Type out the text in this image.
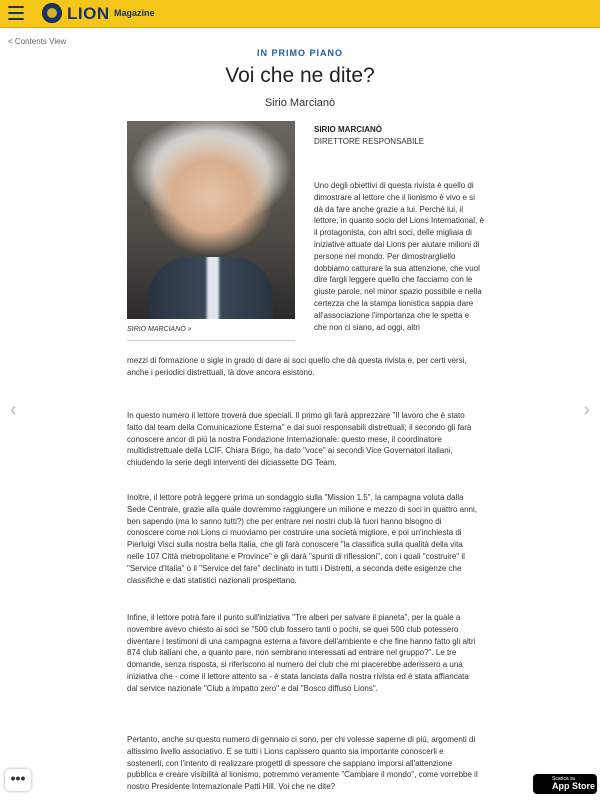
LION Magazine
< Contents View
‹	›
IN PRIMO PIANO
Voi che ne dite?
Sirio Marcianò
SIRIO MARCIANÒ »
SIRIO MARCIANÒ
DIRETTORE RESPONSABILE
Uno degli obiettivi di questa rivista è quello di dimostrare al lettore che il lionismo è vivo e si dà da fare anche grazie a lui. Perché lui, il lettore, in quanto socio del Lions International, è il protagonista, con altri soci, delle migliaia di iniziative attuate dai Lions per aiutare milioni di persone nel mondo. Per dimostrargliello dobbiamo catturare la sua attenzione, che vuol dire fargli leggere quello che facciamo con le giuste parole, nel minor spazio possibile e nella certezza che la stampa lionistica sappia dare all'associazione l'importanza che le spetta e che non ci siano, ad oggi, altri
mezzi di formazione o sigle in grado di dare ai soci quello che dà questa rivista e, per certi versi, anche i periodici distrettuali, là dove ancora esistono.
In questo numero il lettore troverà due speciali. Il primo gli farà apprezzare "Il lavoro che è stato fatto dal team della Comunicazione Esterna" e dai suoi responsabili distrettuali; il secondo gli farà conoscere ancor di più la nostra Fondazione Internazionale: questo mese, il coordinatore multidistrettuale della LCIF, Chiara Brigo, ha dato "voce" ai secondi Vice Governatori italiani, chiudendo la serie degli interventi dei diciassette DG Team.
Inoltre, il lettore potrà leggere prima un sondaggio sulla "Mission 1.5", la campagna voluta dalla Sede Centrale, grazie alla quale dovremmo raggiungere un milione e mezzo di soci in quattro anni, ben sapendo (ma lo sanno tutti?) che per entrare nei nostri club là fuori hanno bisogno di conoscere come noi Lions ci muoviamo per costruire una società migliore, e poi un'inchiesta di Pierluigi Visci sulla nostra bella Italia, che gli farà conoscere "la classifica sulla qualità della vita nelle 107 Città metropolitane e Province" e gli darà "spunti di riflessioni", con i quali "costruire" il "Service d'Italia" o il "Service del fare" declinato in tutti i Distretti, a seconda delle esigenze che classifiche e dati statistici nazionali prospettano.
Infine, il lettore potrà fare il punto sull'iniziativa "Tre alberi per salvare il pianeta", per la quale a novembre avevo chiesto ai soci se "500 club fossero tanti o pochi, se quei 500 club potessero diventare i testimoni di una campagna esterna a favore dell'ambiente e che fine hanno fatto gli altri 874 club italiani che, a quanto pare, non sembrano interessati ad entrare nel gruppo?". Le tre domande, senza risposta, si riferiscono al numero dei club che mi piacerebbe aderissero a una iniziativa che - come il lettore attento sa - è stata lanciata dalla nostra rivista ed è stata affiancata dal service nazionale "Club a impatto zero" e dal "Bosco diffuso Lions".
Pertanto, anche su questo numero di gennaio ci sono, per chi volesse saperne di più, argomenti di altissimo livello associativo. E se tutti i Lions capissero quanto sia importante conoscerli e sostenerli, con l'intento di realizzare progetti di spessore che sappiano imporsi all'attenzione pubblica e creare visibilità al lionismo, potremmo veramente "Cambiare il mondo", come vorrebbe il nostro Presidente Internazionale Patti Hill. Voi che ne dite?
•••	Scarica su
App Store
